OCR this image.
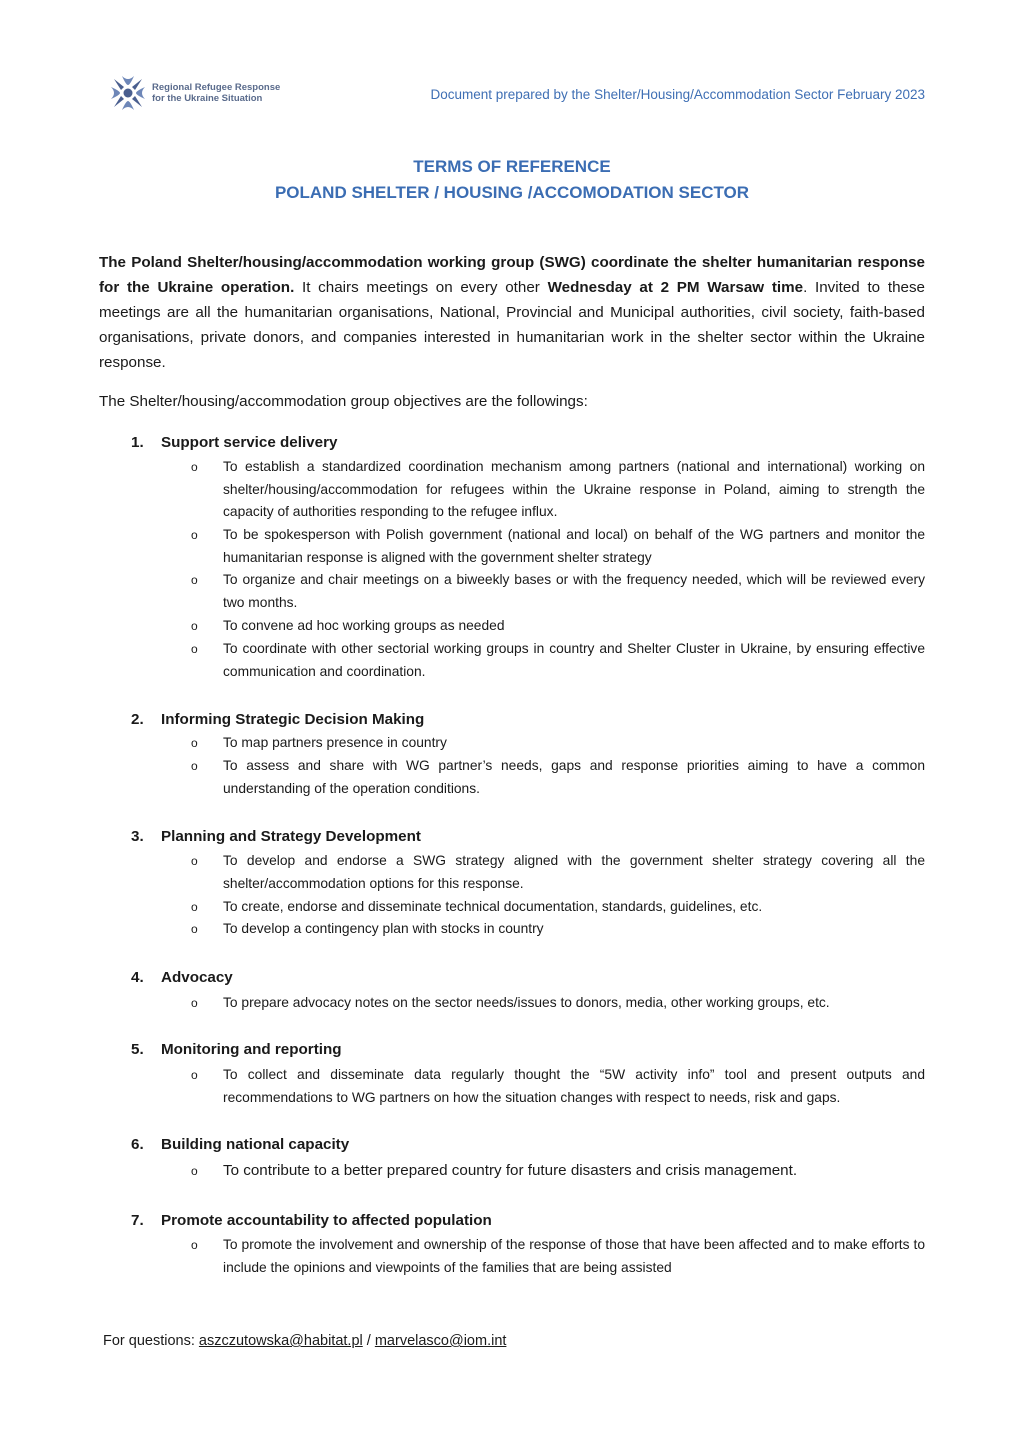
Regional Refugee Response
for the Ukraine Situation	Document prepared by the Shelter/Housing/Accommodation Sector February 2023
TERMS OF REFERENCE
POLAND SHELTER / HOUSING /ACCOMODATION SECTOR
The Poland Shelter/housing/accommodation working group (SWG) coordinate the shelter humanitarian response for the Ukraine operation. It chairs meetings on every other Wednesday at 2 PM Warsaw time. Invited to these meetings are all the humanitarian organisations, National, Provincial and Municipal authorities, civil society, faith-based organisations, private donors, and companies interested in humanitarian work in the shelter sector within the Ukraine response.
The Shelter/housing/accommodation group objectives are the followings:
1. Support service delivery
o	To establish a standardized coordination mechanism among partners (national and international) working on shelter/housing/accommodation for refugees within the Ukraine response in Poland, aiming to strength the capacity of authorities responding to the refugee influx.
o	To be spokesperson with Polish government (national and local) on behalf of the WG partners and monitor the humanitarian response is aligned with the government shelter strategy
o	To organize and chair meetings on a biweekly bases or with the frequency needed, which will be reviewed every two months.
o	To convene ad hoc working groups as needed
o	To coordinate with other sectorial working groups in country and Shelter Cluster in Ukraine, by ensuring effective communication and coordination.
2. Informing Strategic Decision Making
o	To map partners presence in country
o	To assess and share with WG partner’s needs, gaps and response priorities aiming to have a common understanding of the operation conditions.
3. Planning and Strategy Development
o	To develop and endorse a SWG strategy aligned with the government shelter strategy covering all the shelter/accommodation options for this response.
o	To create, endorse and disseminate technical documentation, standards, guidelines, etc.
o	To develop a contingency plan with stocks in country
4. Advocacy
o	To prepare advocacy notes on the sector needs/issues to donors, media, other working groups, etc.
5. Monitoring and reporting
o	To collect and disseminate data regularly thought the “5W activity info” tool and present outputs and recommendations to WG partners on how the situation changes with respect to needs, risk and gaps.
6. Building national capacity
o	To contribute to a better prepared country for future disasters and crisis management.
7. Promote accountability to affected population
o	To promote the involvement and ownership of the response of those that have been affected and to make efforts to include the opinions and viewpoints of the families that are being assisted
For questions: aszczutowska@habitat.pl / marvelasco@iom.int
